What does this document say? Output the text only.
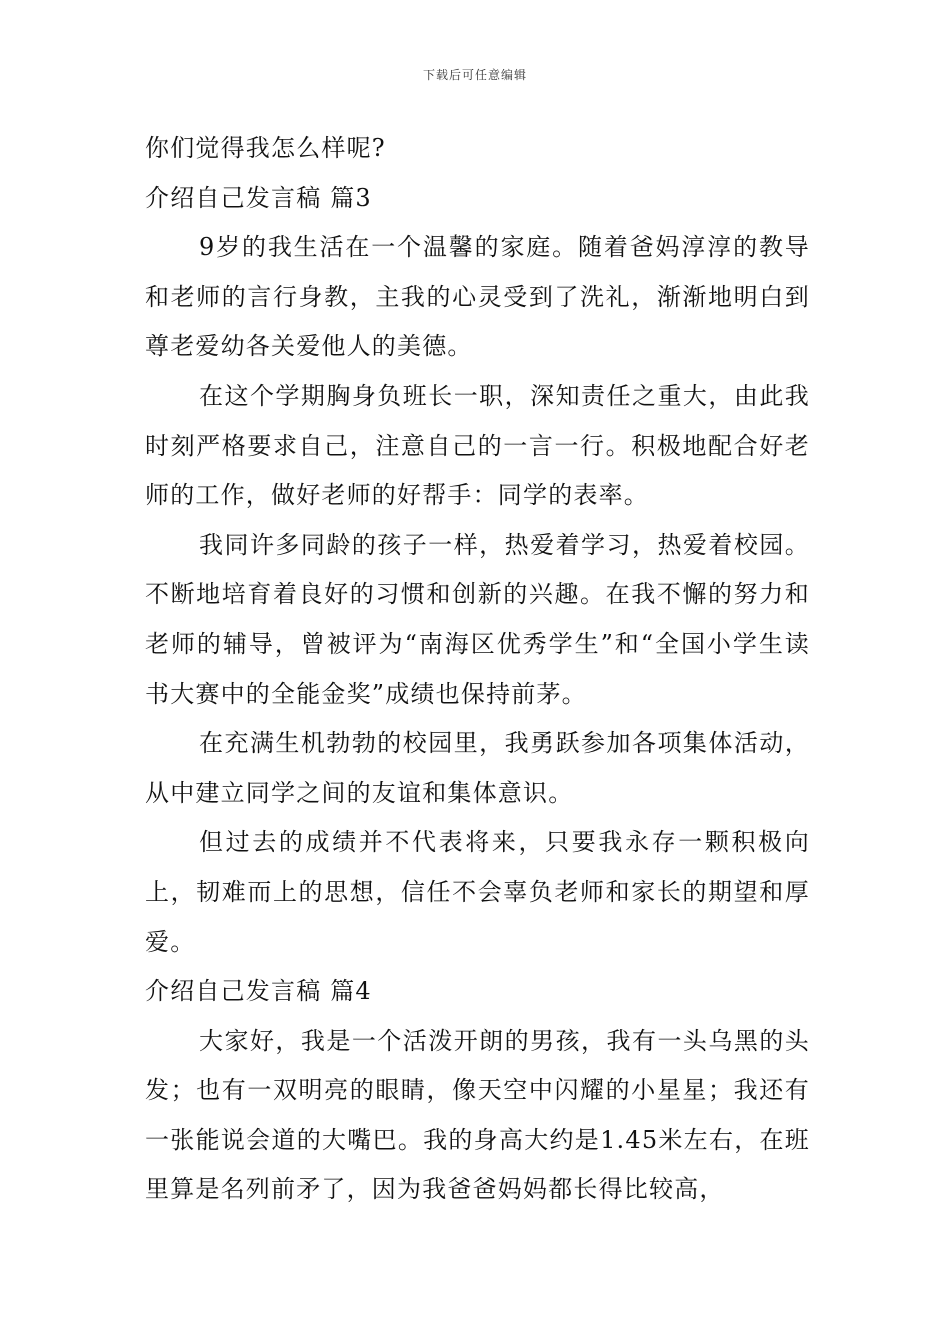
下载后可任意编辑

你们觉得我怎么样呢?

介绍自己发言稿 篇3

9岁的我生活在一个温馨的家庭。随着爸妈淳淳的教导和老师的言行身教，主我的心灵受到了洗礼，渐渐地明白到尊老爱幼各关爱他人的美德。

在这个学期胸身负班长一职，深知责任之重大，由此我时刻严格要求自己，注意自己的一言一行。积极地配合好老师的工作，做好老师的好帮手：同学的表率。

我同许多同龄的孩子一样，热爱着学习，热爱着校园。不断地培育着良好的习惯和创新的兴趣。在我不懈的努力和老师的辅导，曾被评为“南海区优秀学生”和“全国小学生读书大赛中的全能金奖”成绩也保持前茅。

在充满生机勃勃的校园里，我勇跃参加各项集体活动，从中建立同学之间的友谊和集体意识。

但过去的成绩并不代表将来，只要我永存一颗积极向上，韧难而上的思想，信任不会辜负老师和家长的期望和厚爱。

介绍自己发言稿 篇4

大家好，我是一个活泼开朗的男孩，我有一头乌黑的头发；也有一双明亮的眼睛，像天空中闪耀的小星星；我还有一张能说会道的大嘴巴。我的身高大约是1.45米左右，在班里算是名列前矛了，因为我爸爸妈妈都长得比较高，
